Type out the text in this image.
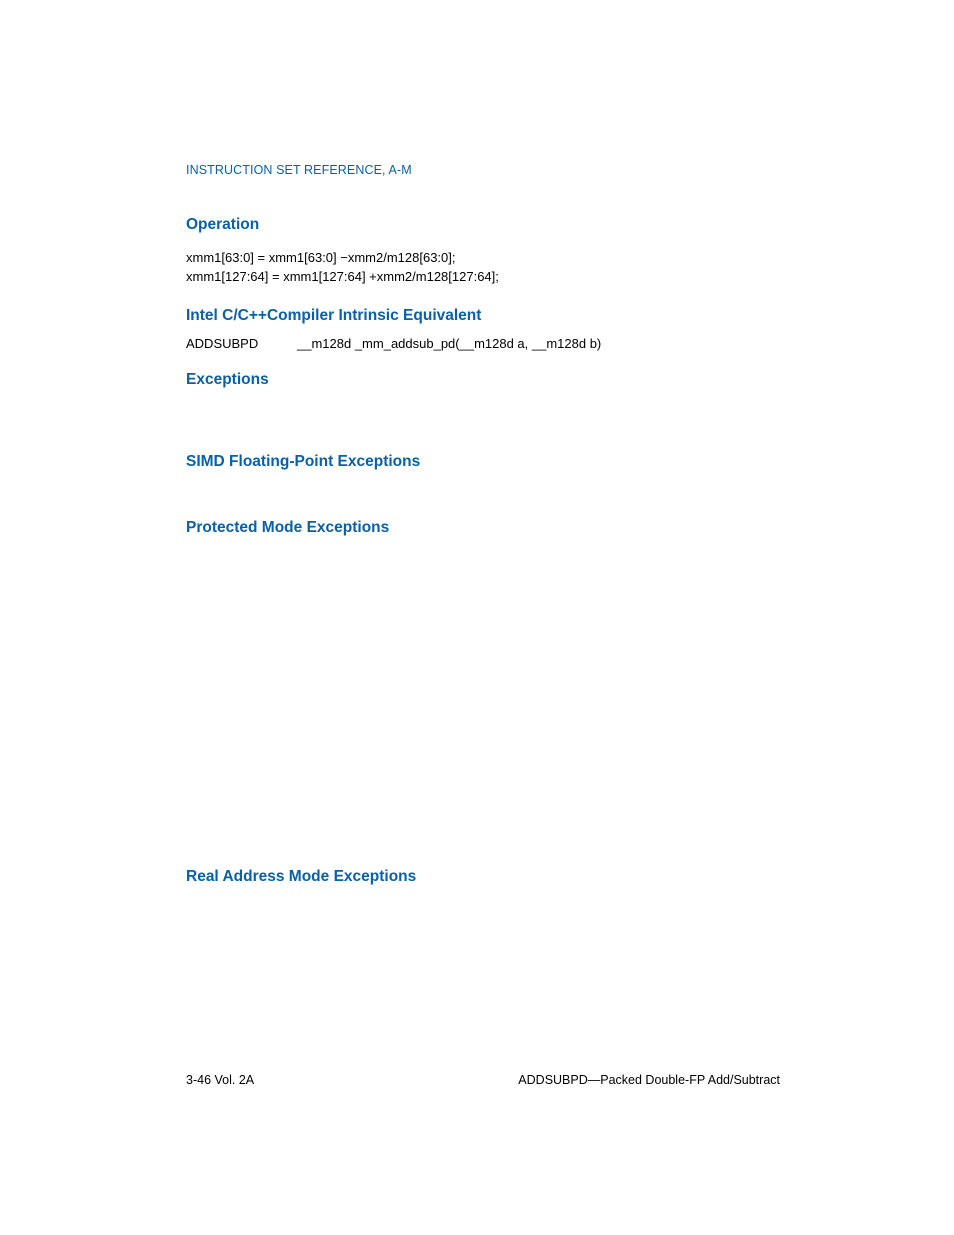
INSTRUCTION SET REFERENCE, A-M
Operation
xmm1[63:0] = xmm1[63:0] −xmm2/m128[63:0];
xmm1[127:64] = xmm1[127:64] +xmm2/m128[127:64];
Intel C/C++Compiler Intrinsic Equivalent
ADDSUBPD	__m128d _mm_addsub_pd(__m128d a, __m128d b)
Exceptions
SIMD Floating-Point Exceptions
Protected Mode Exceptions
Real Address Mode Exceptions
3-46 Vol. 2A	ADDSUBPD—Packed Double-FP Add/Subtract
